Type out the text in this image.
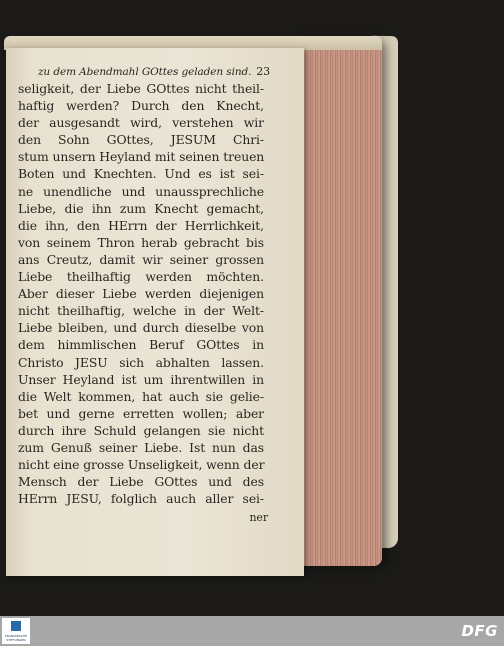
zu dem Abendmahl GOttes geladen sind. 23
seligkeit, der Liebe GOttes nicht theil-
haftig werden? Durch den Knecht,
der ausgesandt wird, verstehen wir
den Sohn GOttes, JESUM Chri-
stum unsern Heyland mit seinen treuen
Boten und Knechten. Und es ist sei-
ne unendliche und unaussprechliche
Liebe, die ihn zum Knecht gemacht,
die ihn, den HErrn der Herrlichkeit,
von seinem Thron herab gebracht bis
ans Creutz, damit wir seiner grossen
Liebe theilhaftig werden möchten.
Aber dieser Liebe werden diejenigen
nicht theilhaftig, welche in der Welt-
Liebe bleiben, und durch dieselbe von
dem himmlischen Beruf GOttes in
Christo JESU sich abhalten lassen.
Unser Heyland ist um ihrentwillen in
die Welt kommen, hat auch sie gelie-
bet und gerne erretten wollen; aber
durch ihre Schuld gelangen sie nicht
zum Genuß seiner Liebe. Ist nun das
nicht eine grosse Unseligkeit, wenn der
Mensch der Liebe GOttes und des
HErrn JESU, folglich auch aller sei-
ner
FRANCKESCHE STIFTUNGEN	DFG
